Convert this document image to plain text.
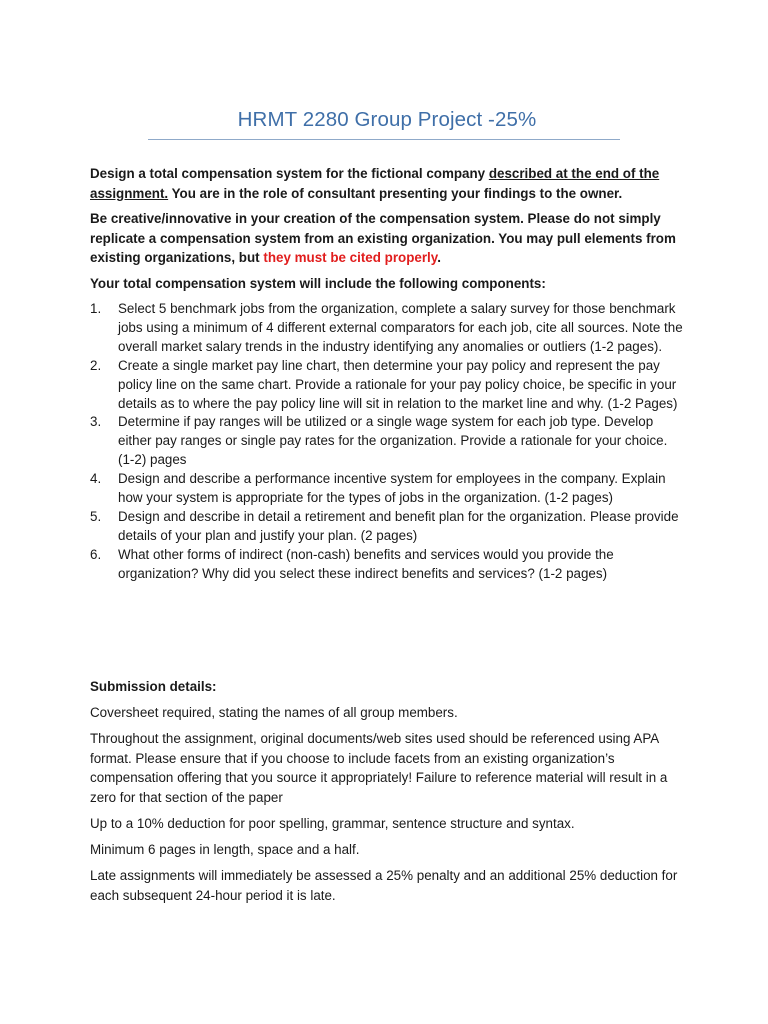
HRMT 2280 Group Project -25%

Design a total compensation system for the fictional company described at the end of the assignment. You are in the role of consultant presenting your findings to the owner.

Be creative/innovative in your creation of the compensation system. Please do not simply replicate a compensation system from an existing organization. You may pull elements from existing organizations, but they must be cited properly.

Your total compensation system will include the following components:

1. Select 5 benchmark jobs from the organization, complete a salary survey for those benchmark jobs using a minimum of 4 different external comparators for each job, cite all sources. Note the overall market salary trends in the industry identifying any anomalies or outliers (1-2 pages).
2. Create a single market pay line chart, then determine your pay policy and represent the pay policy line on the same chart. Provide a rationale for your pay policy choice, be specific in your details as to where the pay policy line will sit in relation to the market line and why. (1-2 Pages)
3. Determine if pay ranges will be utilized or a single wage system for each job type. Develop either pay ranges or single pay rates for the organization. Provide a rationale for your choice. (1-2) pages
4. Design and describe a performance incentive system for employees in the company. Explain how your system is appropriate for the types of jobs in the organization. (1-2 pages)
5. Design and describe in detail a retirement and benefit plan for the organization. Please provide details of your plan and justify your plan. (2 pages)
6. What other forms of indirect (non-cash) benefits and services would you provide the organization? Why did you select these indirect benefits and services? (1-2 pages)

Submission details:

Coversheet required, stating the names of all group members.

Throughout the assignment, original documents/web sites used should be referenced using APA format. Please ensure that if you choose to include facets from an existing organization’s compensation offering that you source it appropriately! Failure to reference material will result in a zero for that section of the paper

Up to a 10% deduction for poor spelling, grammar, sentence structure and syntax.

Minimum 6 pages in length, space and a half.

Late assignments will immediately be assessed a 25% penalty and an additional 25% deduction for each subsequent 24-hour period it is late.
